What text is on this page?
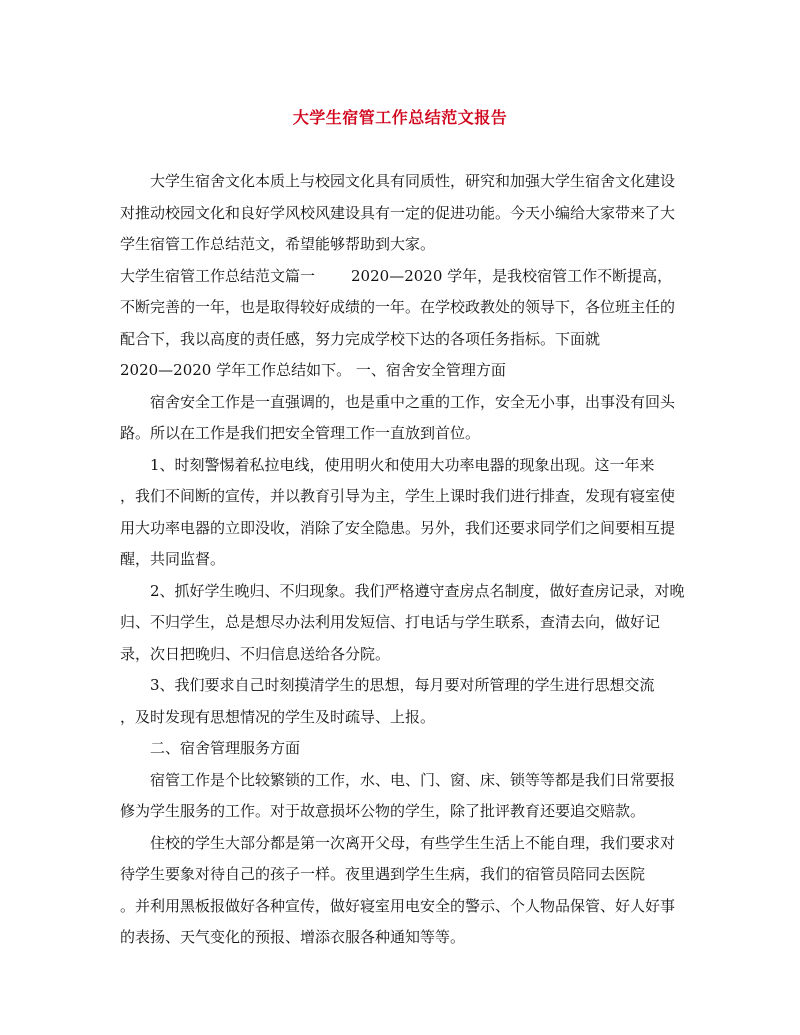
大学生宿管工作总结范文报告

大学生宿舍文化本质上与校园文化具有同质性，研究和加强大学生宿舍文化建设对推动校园文化和良好学风校风建设具有一定的促进功能。今天小编给大家带来了大学生宿管工作总结范文，希望能够帮助到大家。

大学生宿管工作总结范文篇一 2020—2020 学年，是我校宿管工作不断提高，

不断完善的一年，也是取得较好成绩的一年。在学校政教处的领导下，各位班主任的配合下，我以高度的责任感，努力完成学校下达的各项任务指标。下面就

2020—2020 学年工作总结如下。 一、宿舍安全管理方面

宿舍安全工作是一直强调的，也是重中之重的工作，安全无小事，出事没有回头路。所以在工作是我们把安全管理工作一直放到首位。

1、时刻警惕着私拉电线，使用明火和使用大功率电器的现象出现。这一年来

，我们不间断的宣传，并以教育引导为主，学生上课时我们进行排查，发现有寝室使用大功率电器的立即没收，消除了安全隐患。另外，我们还要求同学们之间要相互提醒，共同监督。

2、抓好学生晚归、不归现象。我们严格遵守查房点名制度，做好查房记录，对晚归、不归学生，总是想尽办法利用发短信、打电话与学生联系，查清去向，做好记录，次日把晚归、不归信息送给各分院。

3、我们要求自己时刻摸清学生的思想，每月要对所管理的学生进行思想交流

，及时发现有思想情况的学生及时疏导、上报。

二、宿舍管理服务方面

宿管工作是个比较繁锁的工作，水、电、门、窗、床、锁等等都是我们日常要报修为学生服务的工作。对于故意损坏公物的学生，除了批评教育还要追交赔款。

住校的学生大部分都是第一次离开父母，有些学生生活上不能自理，我们要求对待学生要象对待自己的孩子一样。夜里遇到学生生病，我们的宿管员陪同去医院

。并利用黑板报做好各种宣传，做好寝室用电安全的警示、个人物品保管、好人好事的表扬、天气变化的预报、增添衣服各种通知等等。
